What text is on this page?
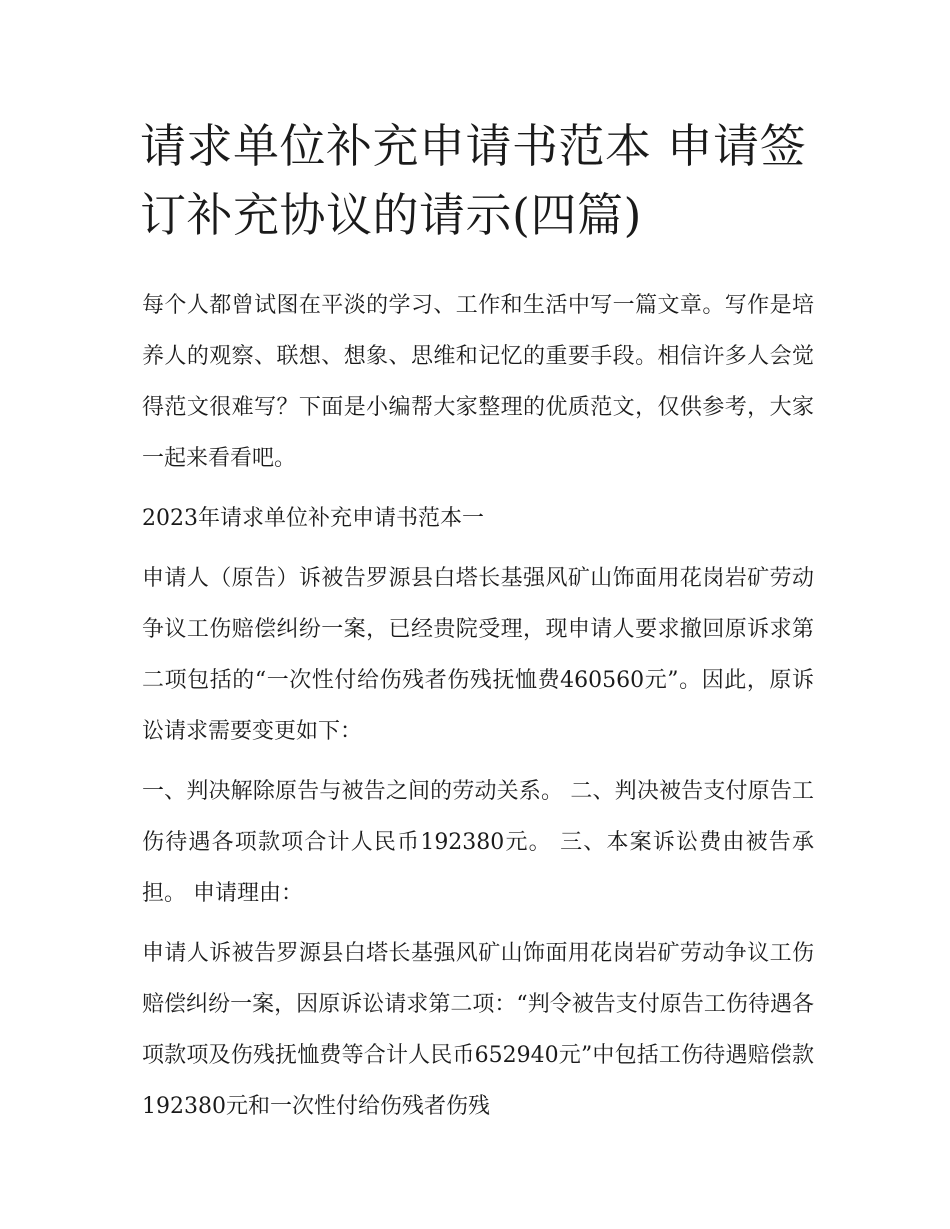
请求单位补充申请书范本 申请签订补充协议的请示(四篇)

每个人都曾试图在平淡的学习、工作和生活中写一篇文章。写作是培养人的观察、联想、想象、思维和记忆的重要手段。相信许多人会觉得范文很难写？下面是小编帮大家整理的优质范文，仅供参考，大家一起来看看吧。

2023年请求单位补充申请书范本一

申请人（原告）诉被告罗源县白塔长基强风矿山饰面用花岗岩矿劳动争议工伤赔偿纠纷一案，已经贵院受理，现申请人要求撤回原诉求第二项包括的“一次性付给伤残者伤残抚恤费460560元”。因此，原诉讼请求需要变更如下：

一、判决解除原告与被告之间的劳动关系。 二、判决被告支付原告工伤待遇各项款项合计人民币192380元。 三、本案诉讼费由被告承担。 申请理由：

申请人诉被告罗源县白塔长基强风矿山饰面用花岗岩矿劳动争议工伤赔偿纠纷一案，因原诉讼请求第二项：“判令被告支付原告工伤待遇各项款项及伤残抚恤费等合计人民币652940元”中包括工伤待遇赔偿款192380元和一次性付给伤残者伤残
